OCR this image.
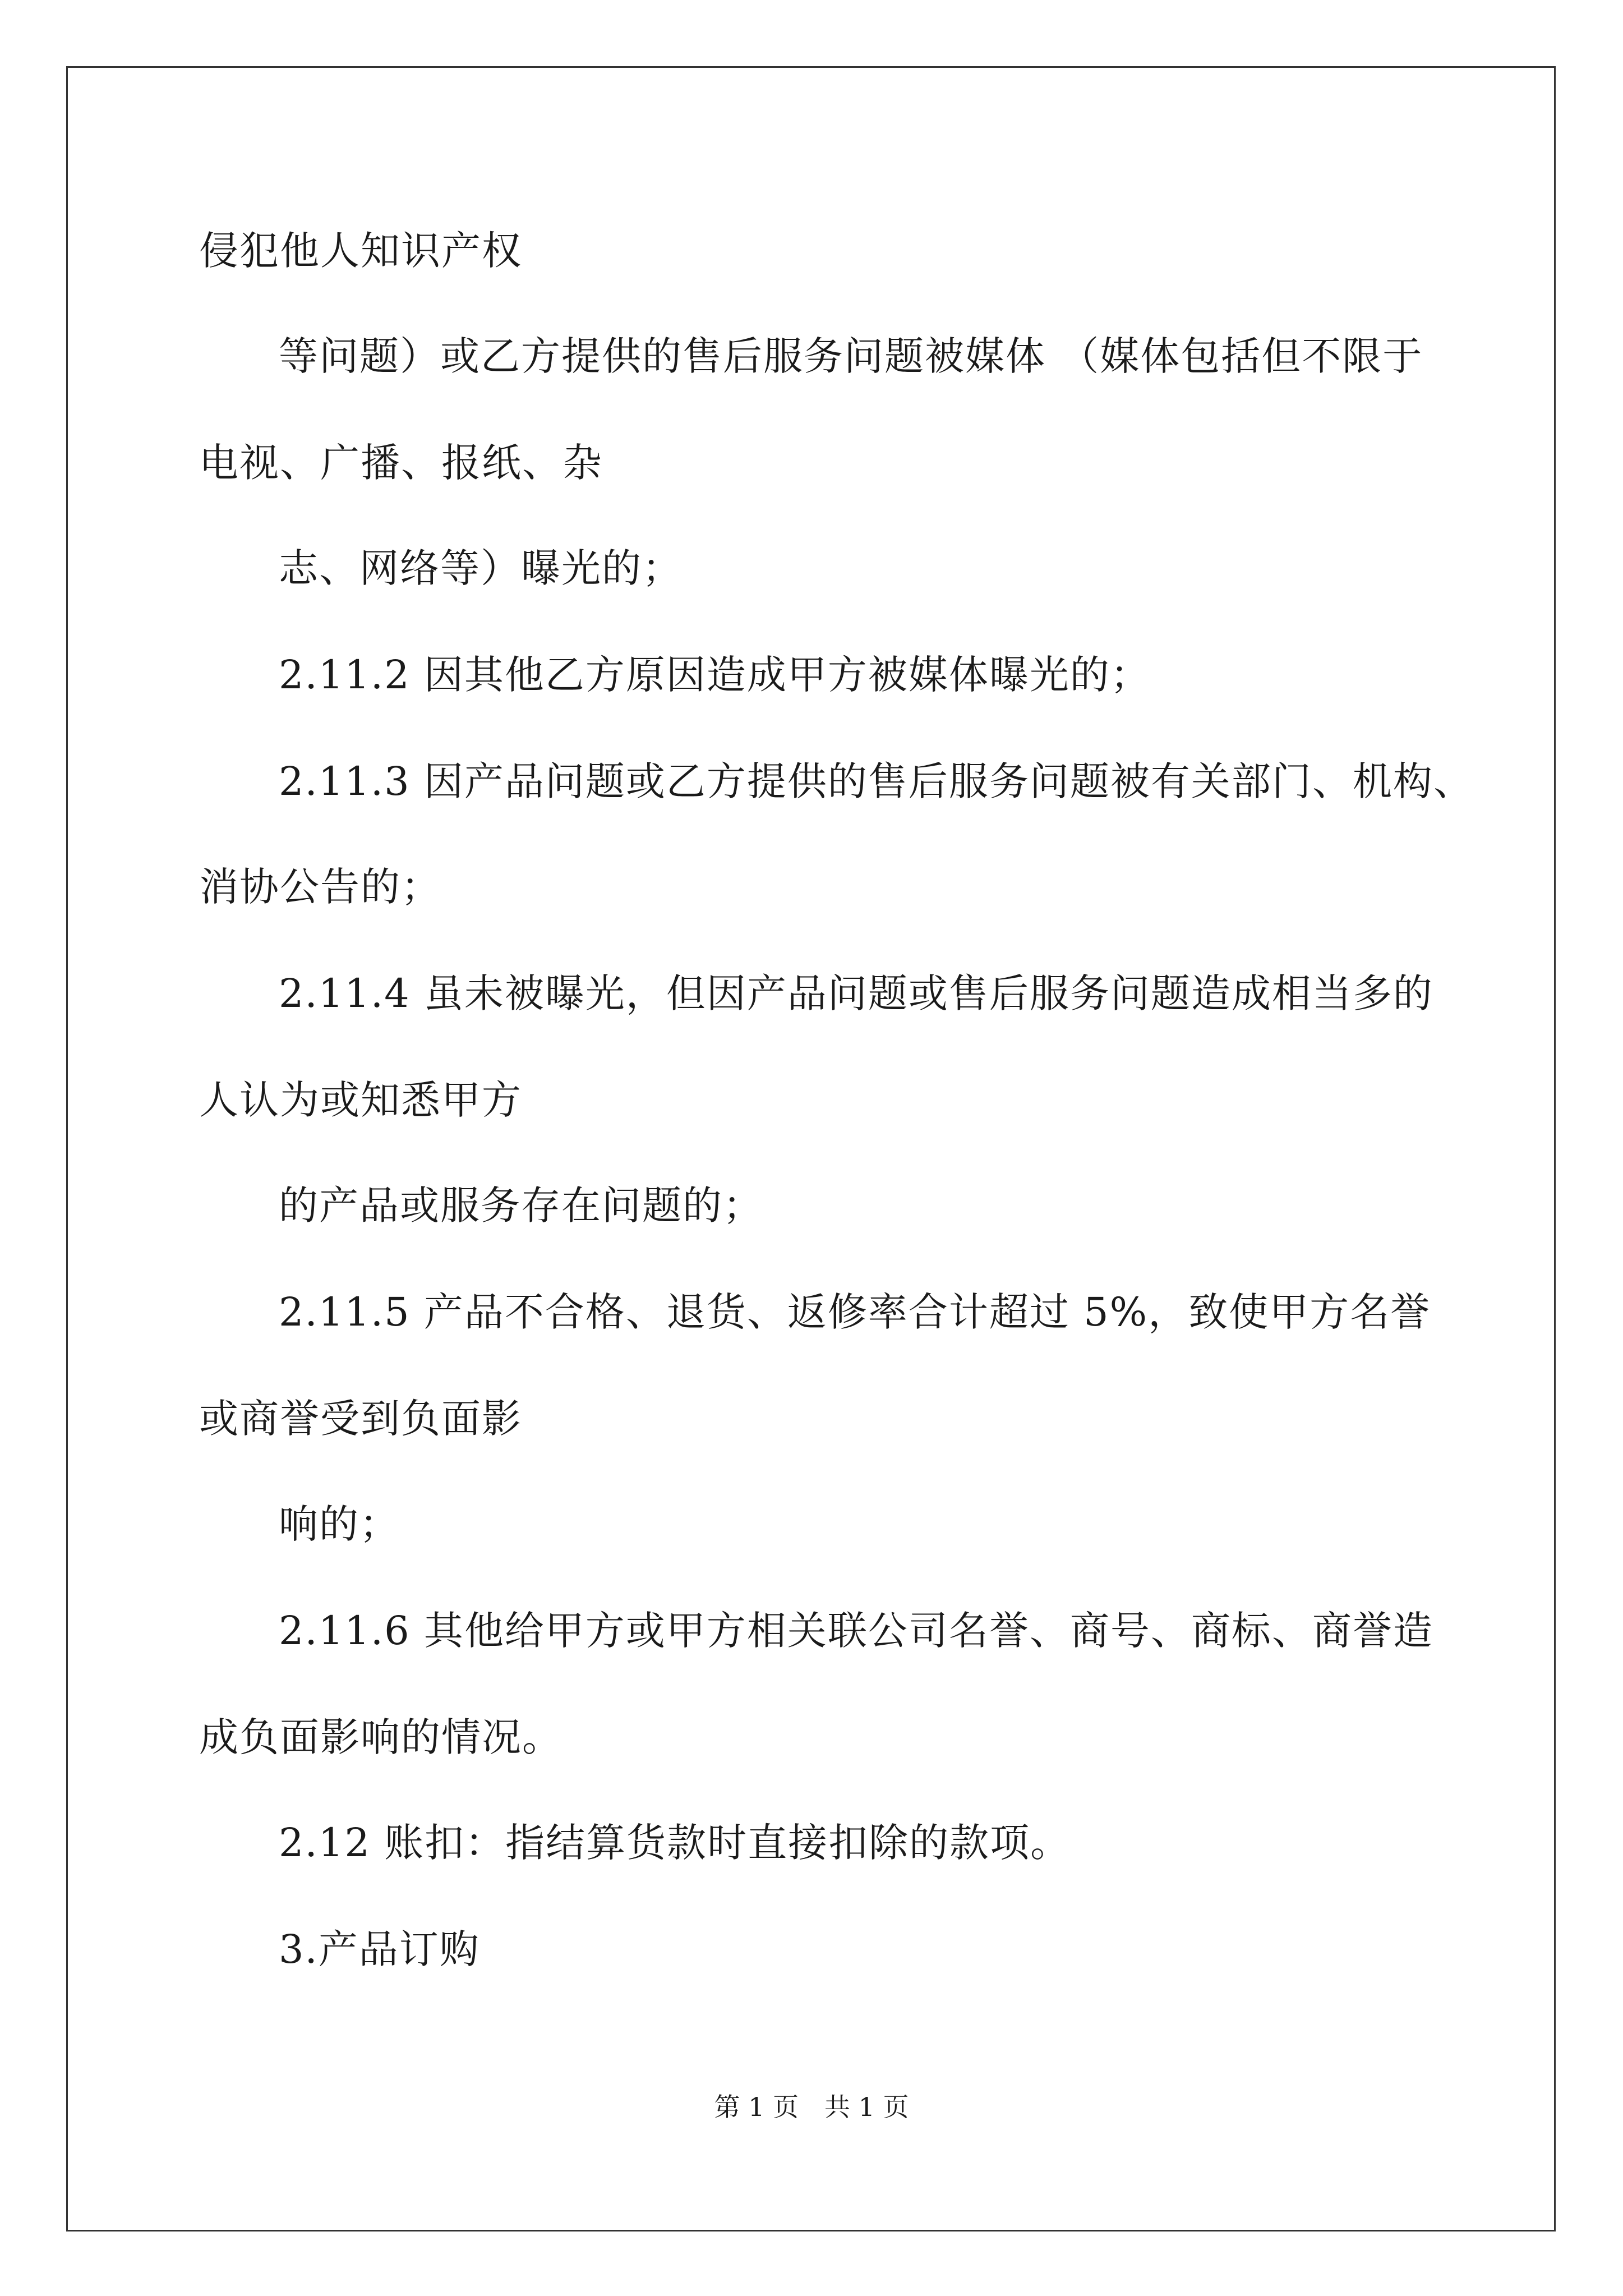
侵犯他人知识产权
等问题）或乙方提供的售后服务问题被媒体 （媒体包括但不限于
电视、广播、报纸、杂
志、网络等）曝光的；
2.11.2 因其他乙方原因造成甲方被媒体曝光的；
2.11.3 因产品问题或乙方提供的售后服务问题被有关部门、机构、
消协公告的；
2.11.4 虽未被曝光，但因产品问题或售后服务问题造成相当多的
人认为或知悉甲方
的产品或服务存在问题的；
2.11.5 产品不合格、退货、返修率合计超过 5%，致使甲方名誉
或商誉受到负面影
响的；
2.11.6 其他给甲方或甲方相关联公司名誉、商号、商标、商誉造
成负面影响的情况。
2.12 账扣：指结算货款时直接扣除的款项。
3.产品订购
第 1 页　共 1 页
